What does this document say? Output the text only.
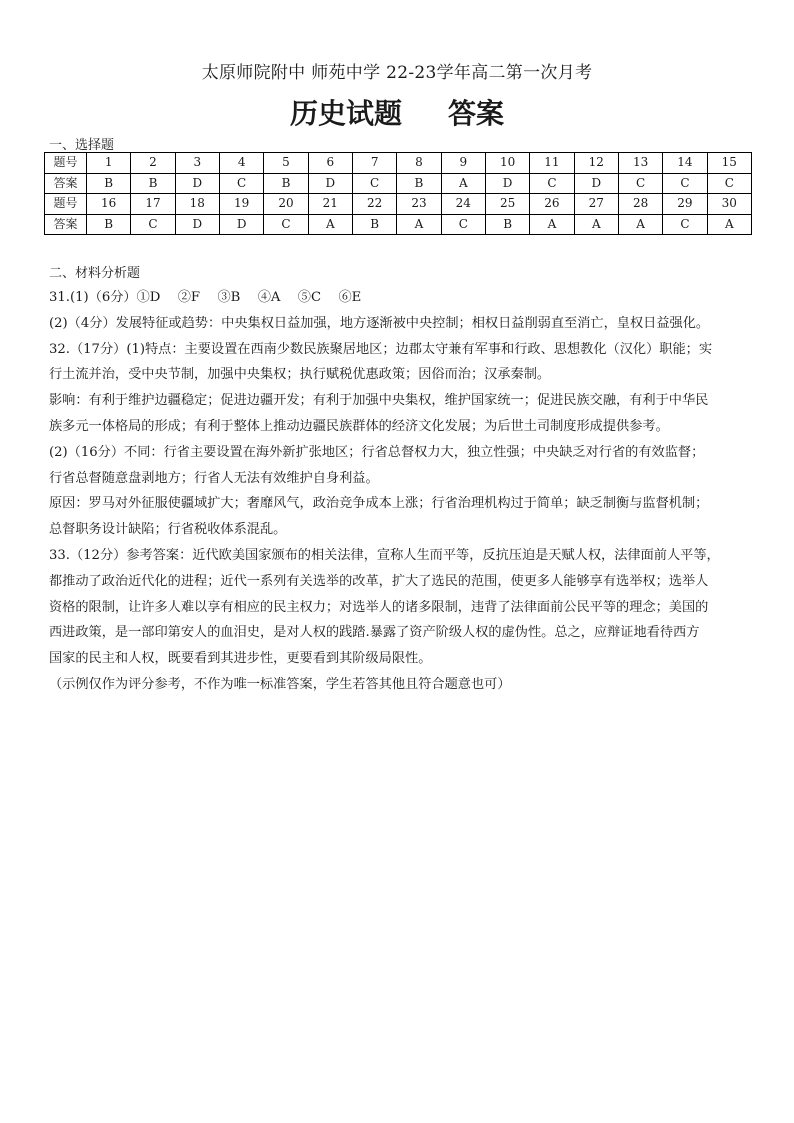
太原师院附中 师苑中学 22-23学年高二第一次月考
历史试题 答案
一、选择题
题号	1	2	3	4	5	6	7	8	9	10	11	12	13	14	15
答案	B	B	D	C	B	D	C	B	A	D	C	D	C	C	C
题号	16	17	18	19	20	21	22	23	24	25	26	27	28	29	30
答案	B	C	D	D	C	A	B	A	C	B	A	A	A	C	A
二、材料分析题

31.(1)（6分）①D　 ②F　 ③B　 ④A　 ⑤C　 ⑥E

(2)（4分）发展特征或趋势：中央集权日益加强，地方逐渐被中央控制；相权日益削弱直至消亡，皇权日益强化。

32.（17分）(1)特点：主要设置在西南少数民族聚居地区；边郡太守兼有军事和行政、思想教化（汉化）职能；实

行土流并治，受中央节制，加强中央集权；执行赋税优惠政策；因俗而治；汉承秦制。

影响：有利于维护边疆稳定；促进边疆开发；有利于加强中央集权，维护国家统一；促进民族交融，有利于中华民

族多元一体格局的形成；有利于整体上推动边疆民族群体的经济文化发展；为后世土司制度形成提供参考。

(2)（16分）不同：行省主要设置在海外新扩张地区；行省总督权力大，独立性强；中央缺乏对行省的有效监督；

行省总督随意盘剥地方；行省人无法有效维护自身利益。

原因：罗马对外征服使疆域扩大；奢靡风气，政治竞争成本上涨；行省治理机构过于简单；缺乏制衡与监督机制；

总督职务设计缺陷；行省税收体系混乱。

33.（12分）参考答案：近代欧美国家颁布的相关法律，宣称人生而平等，反抗压迫是天赋人权，法律面前人平等，

都推动了政治近代化的进程；近代一系列有关选举的改革，扩大了选民的范围，使更多人能够享有选举权；选举人

资格的限制，让许多人难以享有相应的民主权力；对选举人的诸多限制，违背了法律面前公民平等的理念；美国的

西进政策，是一部印第安人的血泪史，是对人权的践踏.暴露了资产阶级人权的虚伪性。总之，应辩证地看待西方

国家的民主和人权，既要看到其进步性，更要看到其阶级局限性。

（示例仅作为评分参考，不作为唯一标准答案，学生若答其他且符合题意也可）
